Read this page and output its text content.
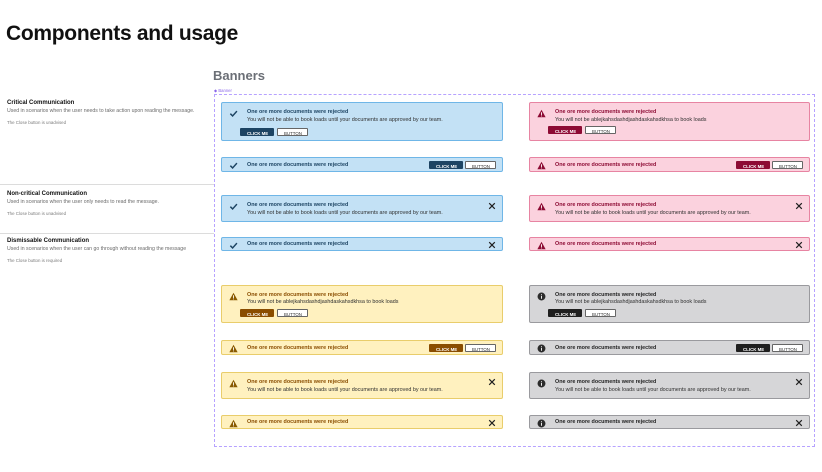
Components and usage
Critical Communication
Used in scenarios when the user needs to take action upon reading the message.
The Close button is unadvised
Non-critical Communication
Used in scenarios when the user only needs to read the message.
The Close button is unadvised
Dismissable Communication
Used in scenarios when the user can go through without reading the message
The Close button is required
Banners
◆ Banner
One ore more documents were rejected
You will not be able to book loads until your documents are approved by our team.
CLICK ME	BUTTON
One ore more documents were rejected
You will not be ablejkahsdashdjashdaskahsdkhsa to book loads
CLICK ME	BUTTON
One ore more documents were rejected	CLICK ME	BUTTON	One ore more documents were rejected	CLICK ME	BUTTON
One ore more documents were rejected
You will not be able to book loads until your documents are approved by our team.
One ore more documents were rejected
You will not be able to book loads until your documents are approved by our team.
One ore more documents were rejected	One ore more documents were rejected
One ore more documents were rejected
You will not be ablejkahsdashdjashdaskahsdkhsa to book loads
CLICK ME	BUTTON
One ore more documents were rejected
You will not be ablejkahsdashdjashdaskahsdkhsa to book loads
CLICK ME	BUTTON
One ore more documents were rejected	CLICK ME	BUTTON	One ore more documents were rejected	CLICK ME	BUTTON
One ore more documents were rejected
You will not be able to book loads until your documents are approved by our team.
One ore more documents were rejected
You will not be able to book loads until your documents are approved by our team.
One ore more documents were rejected	One ore more documents were rejected
